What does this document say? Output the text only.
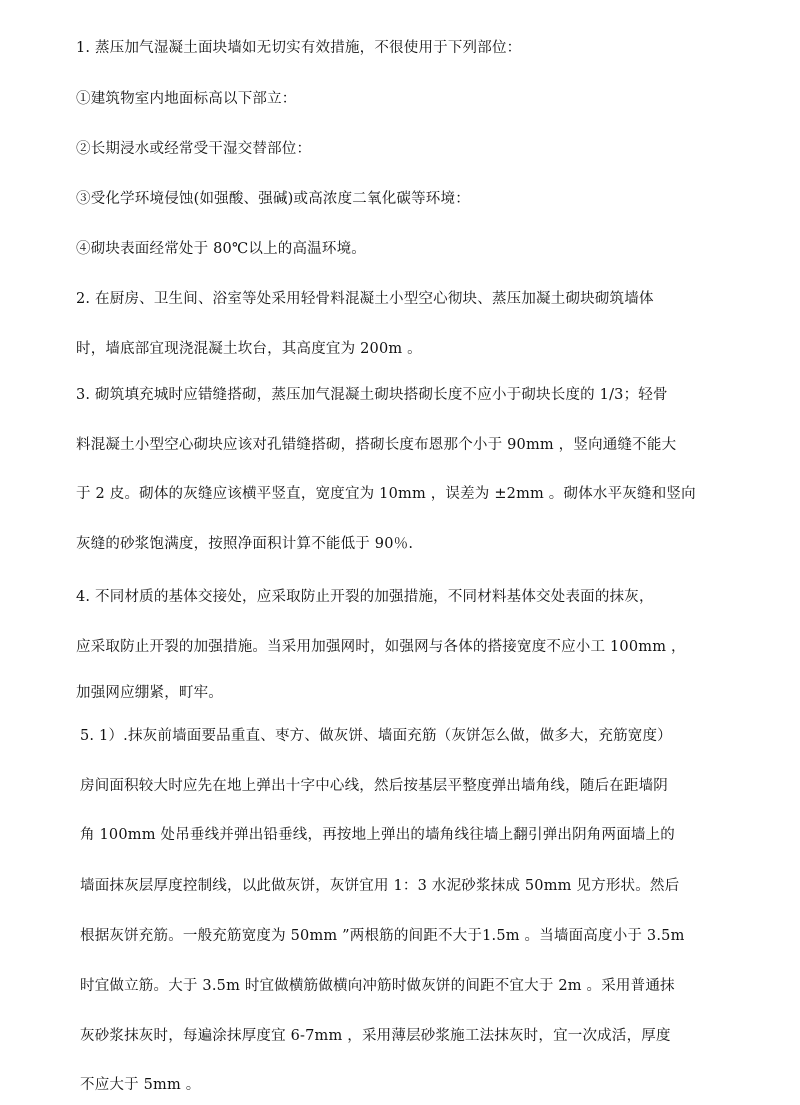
1. 蒸压加气湿凝土面块墙如无切实有效措施，不很使用于下列部位：
①建筑物室内地面标高以下部立：
②长期浸水或经常受干湿交替部位：
③受化学环境侵蚀(如强酸、强碱)或高浓度二氧化碳等环境：
④砌块表面经常处于 80℃以上的高温环境。
2. 在厨房、卫生间、浴室等处采用轻骨料混凝土小型空心彻块、蒸压加凝土砌块砌筑墙体
时，墙底部宜现浇混凝土坎台，其高度宜为 200m 。
3. 砌筑填充城时应错缝搭砌，蒸压加气混凝土砌块搭砌长度不应小于砌块长度的 1/3；轻骨
料混凝土小型空心砌块应该对孔错缝搭砌，搭砌长度布恩那个小于 90mm ，竖向通缝不能大
于 2 皮。砌体的灰缝应该横平竖直，宽度宜为 10mm ，误差为 ±2mm 。砌体水平灰缝和竖向
灰缝的砂浆饱满度，按照净面积计算不能低于 90％.
4. 不同材质的基体交接处，应采取防止开裂的加强措施，不同材料基体交处表面的抹灰，
应采取防止开裂的加强措施。当采用加强网时，如强网与各体的搭接宽度不应小工 100mm ，
加强网应绷紧，町牢。
5. 1）.抹灰前墙面要品重直、枣方、做灰饼、墙面充筋（灰饼怎么做，做多大，充筋宽度）
房间面积较大时应先在地上弹出十字中心线，然后按基层平整度弹出墙角线，随后在距墙阴
角 100mm 处吊垂线并弹出铅垂线，再按地上弹出的墙角线往墙上翻引弹出阴角两面墙上的
墙面抹灰层厚度控制线，以此做灰饼，灰饼宜用 1：3 水泥砂浆抹成 50mm 见方形状。然后
根据灰饼充筋。一般充筋宽度为 50mm ”两根筋的间距不大于1.5m 。当墙面高度小于 3.5m
时宜做立筋。大于 3.5m 时宜做横筋做横向冲筋时做灰饼的间距不宜大于 2m 。采用普通抹
灰砂浆抹灰时，每遍涂抹厚度宜 6-7mm ，采用薄层砂浆施工法抹灰时，宜一次成活，厚度
不应大于 5mm 。
